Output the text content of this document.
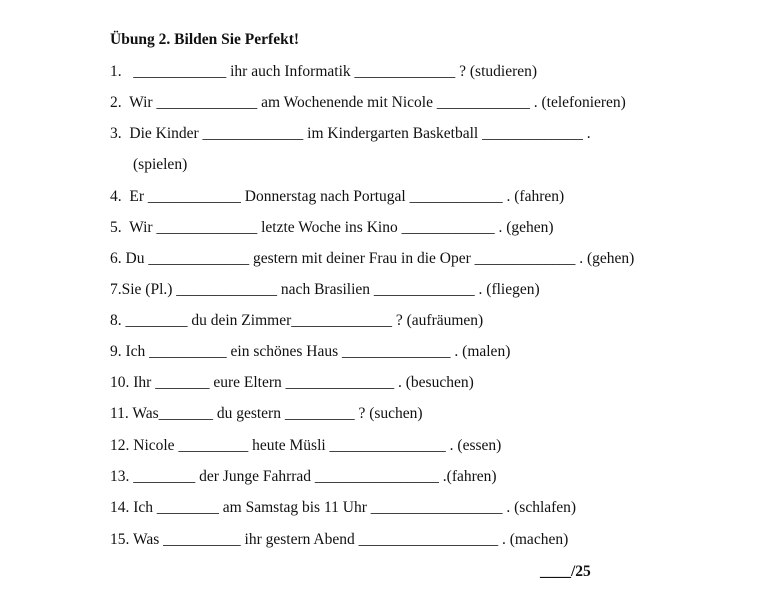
Übung 2. Bilden Sie Perfekt!
1.   ____________ ihr auch Informatik _____________ ? (studieren)
2.  Wir _____________ am Wochenende mit Nicole ____________ . (telefonieren)
3.  Die Kinder _____________ im Kindergarten Basketball _____________ .
(spielen)
4.  Er ____________ Donnerstag nach Portugal ____________ . (fahren)
5.  Wir _____________ letzte Woche ins Kino ____________ . (gehen)
6. Du _____________ gestern mit deiner Frau in die Oper _____________ . (gehen)
7.Sie (Pl.) _____________ nach Brasilien _____________ . (fliegen)
8. ________ du dein Zimmer_____________ ? (aufräumen)
9. Ich __________ ein schönes Haus ______________ . (malen)
10. Ihr _______ eure Eltern ______________ . (besuchen)
11. Was_______ du gestern _________ ? (suchen)
12. Nicole _________ heute Müsli _______________ . (essen)
13. ________ der Junge Fahrrad ________________ .(fahren)
14. Ich ________ am Samstag bis 11 Uhr _________________ . (schlafen)
15. Was __________ ihr gestern Abend __________________ . (machen)
____/25
